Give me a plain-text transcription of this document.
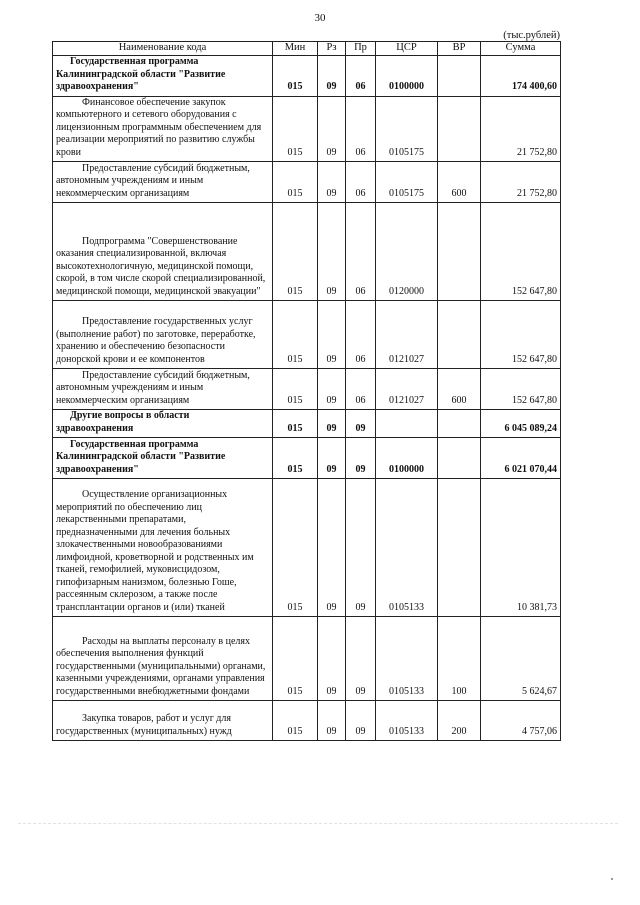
30
(тыс.рублей)
Наименование кода	Мин	Рз	Пр	ЦСР	ВР	Сумма
Государственная программа Калининградской области "Развитие здравоохранения"	015	09	06	0100000		174 400,60
Финансовое обеспечение закупок компьютерного и сетевого оборудования с лицензионным программным обеспечением для реализации мероприятий по развитию службы крови	015	09	06	0105175		21 752,80
Предоставление субсидий бюджетным, автономным учреждениям и иным некоммерческим организациям	015	09	06	0105175	600	21 752,80
Подпрограмма "Совершенствование оказания специализированной, включая высокотехнологичную, медицинской помощи, скорой, в том числе скорой специализированной, медицинской помощи, медицинской эвакуации"	015	09	06	0120000		152 647,80
Предоставление государственных услуг (выполнение работ) по заготовке, переработке, хранению и обеспечению безопасности донорской крови и ее компонентов	015	09	06	0121027		152 647,80
Предоставление субсидий бюджетным, автономным учреждениям и иным некоммерческим организациям	015	09	06	0121027	600	152 647,80
Другие вопросы в области здравоохранения	015	09	09			6 045 089,24
Государственная программа Калининградской области "Развитие здравоохранения"	015	09	09	0100000		6 021 070,44
Осуществление организационных мероприятий по обеспечению лиц лекарственными препаратами, предназначенными для лечения больных злокачественными новообразованиями лимфоидной, кроветворной и родственных им тканей, гемофилией, муковисцидозом, гипофизарным нанизмом, болезнью Гоше, рассеянным склерозом, а также после трансплантации органов и (или) тканей	015	09	09	0105133		10 381,73
Расходы на выплаты персоналу в целях обеспечения выполнения функций государственными (муниципальными) органами, казенными учреждениями, органами управления государственными внебюджетными фондами	015	09	09	0105133	100	5 624,67
Закупка товаров, работ и услуг для государственных (муниципальных) нужд	015	09	09	0105133	200	4 757,06
